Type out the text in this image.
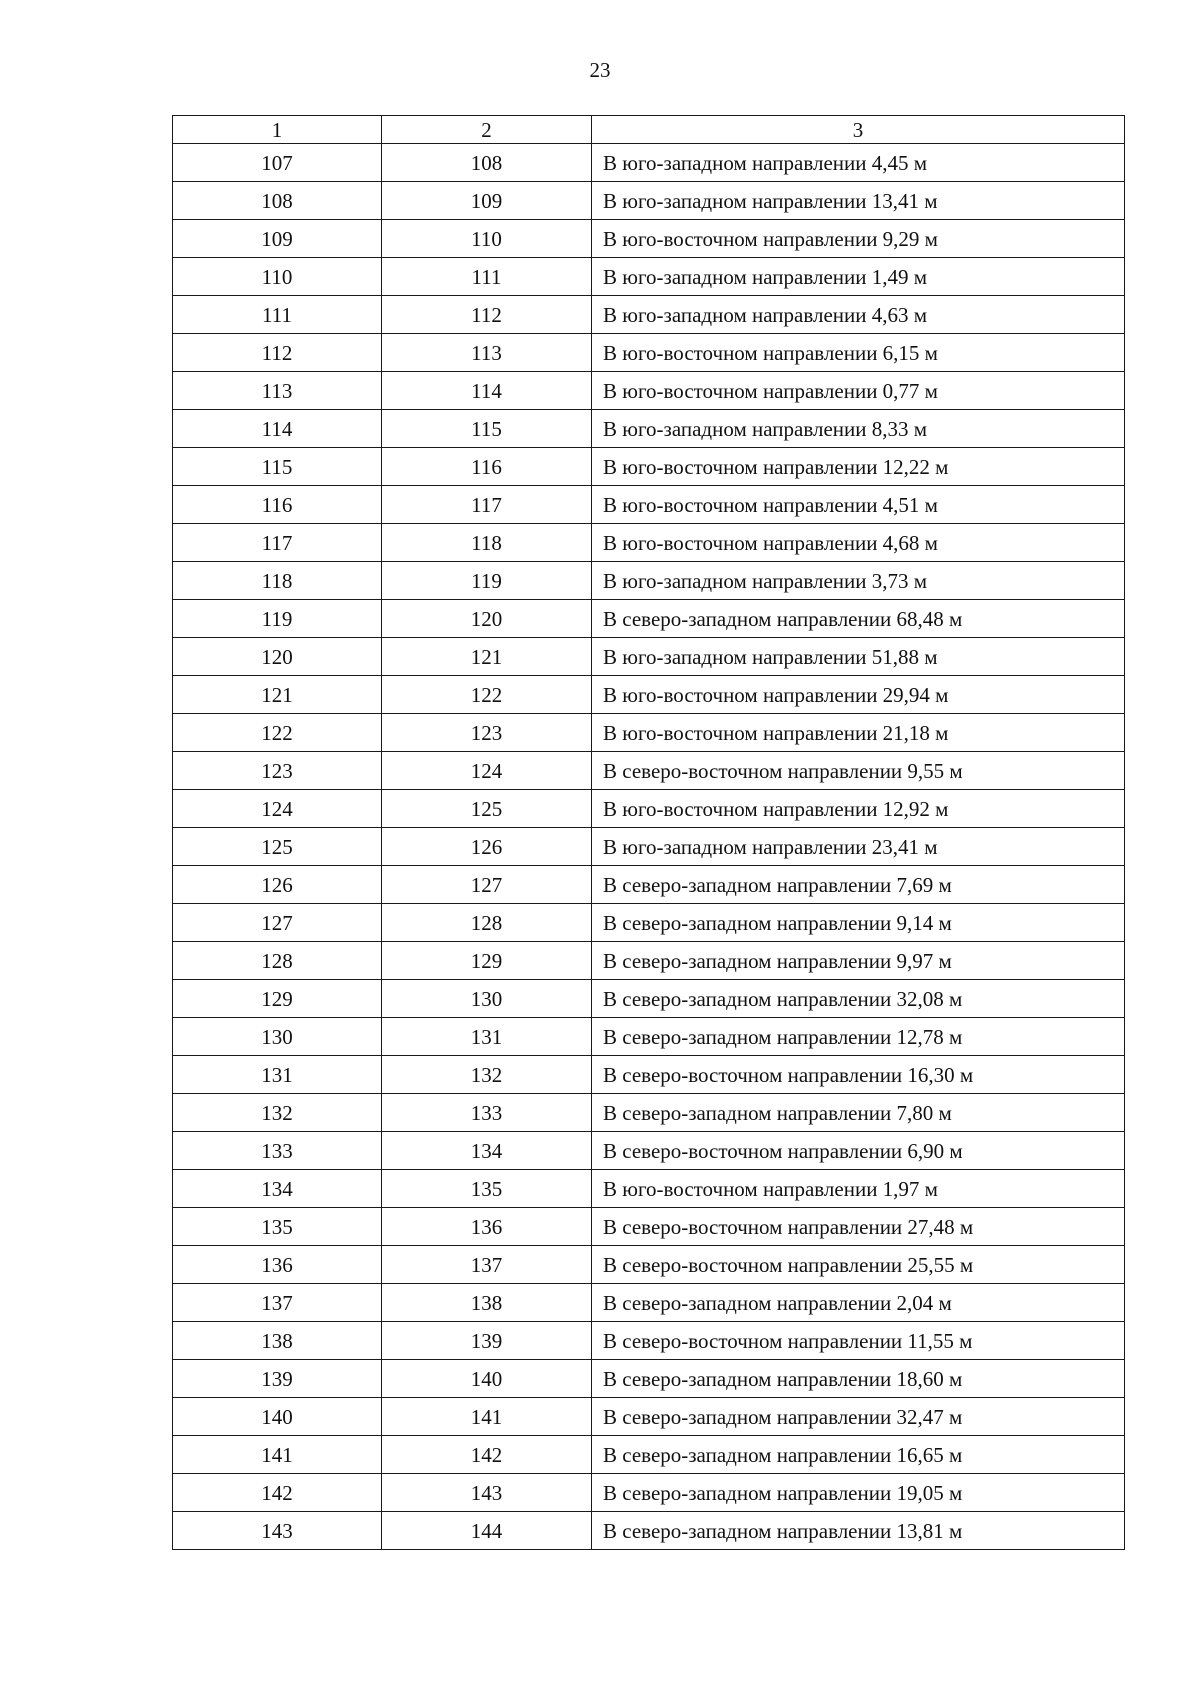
23
1	2	3
107	108	В юго-западном направлении 4,45 м
108	109	В юго-западном направлении 13,41 м
109	110	В юго-восточном направлении 9,29 м
110	111	В юго-западном направлении 1,49 м
111	112	В юго-западном направлении 4,63 м
112	113	В юго-восточном направлении 6,15 м
113	114	В юго-восточном направлении 0,77 м
114	115	В юго-западном направлении 8,33 м
115	116	В юго-восточном направлении 12,22 м
116	117	В юго-восточном направлении 4,51 м
117	118	В юго-восточном направлении 4,68 м
118	119	В юго-западном направлении 3,73 м
119	120	В северо-западном направлении 68,48 м
120	121	В юго-западном направлении 51,88 м
121	122	В юго-восточном направлении 29,94 м
122	123	В юго-восточном направлении 21,18 м
123	124	В северо-восточном направлении 9,55 м
124	125	В юго-восточном направлении 12,92 м
125	126	В юго-западном направлении 23,41 м
126	127	В северо-западном направлении 7,69 м
127	128	В северо-западном направлении 9,14 м
128	129	В северо-западном направлении 9,97 м
129	130	В северо-западном направлении 32,08 м
130	131	В северо-западном направлении 12,78 м
131	132	В северо-восточном направлении 16,30 м
132	133	В северо-западном направлении 7,80 м
133	134	В северо-восточном направлении 6,90 м
134	135	В юго-восточном направлении 1,97 м
135	136	В северо-восточном направлении 27,48 м
136	137	В северо-восточном направлении 25,55 м
137	138	В северо-западном направлении 2,04 м
138	139	В северо-восточном направлении 11,55 м
139	140	В северо-западном направлении 18,60 м
140	141	В северо-западном направлении 32,47 м
141	142	В северо-западном направлении 16,65 м
142	143	В северо-западном направлении 19,05 м
143	144	В северо-западном направлении 13,81 м
